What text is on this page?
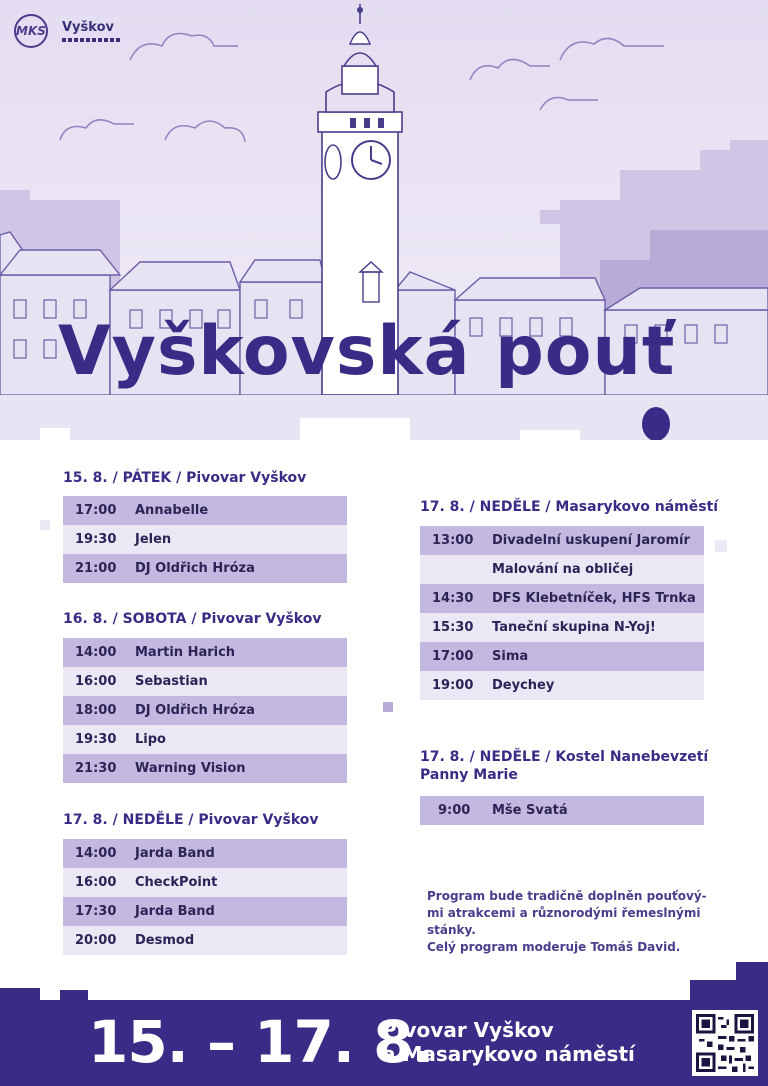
MKS Vyškov
Vyškovská pouť
15. 8. / PÁTEK / Pivovar Vyškov
17:00	Annabelle
19:30	Jelen
21:00	DJ Oldřich Hróza
16. 8. / SOBOTA / Pivovar Vyškov
14:00	Martin Harich
16:00	Sebastian
18:00	DJ Oldřich Hróza
19:30	Lipo
21:30	Warning Vision
17. 8. / NEDĚLE / Pivovar Vyškov
14:00	Jarda Band
16:00	CheckPoint
17:30	Jarda Band
20:00	Desmod
17. 8. / NEDĚLE / Masarykovo náměstí
13:00	Divadelní uskupení Jaromír
Malování na obličej
14:30	DFS Klebetníček, HFS Trnka
15:30	Taneční skupina N-Yoj!
17:00	Sima
19:00	Deychey
17. 8. / NEDĚLE / Kostel Nanebevzetí
Panny Marie
9:00	Mše Svatá
Program bude tradičně doplněn pouťový-
mi atrakcemi a různorodými řemeslnými
stánky.
Celý program moderuje Tomáš David.
15. – 17. 8.
Pivovar Vyškov
a Masarykovo náměstí
